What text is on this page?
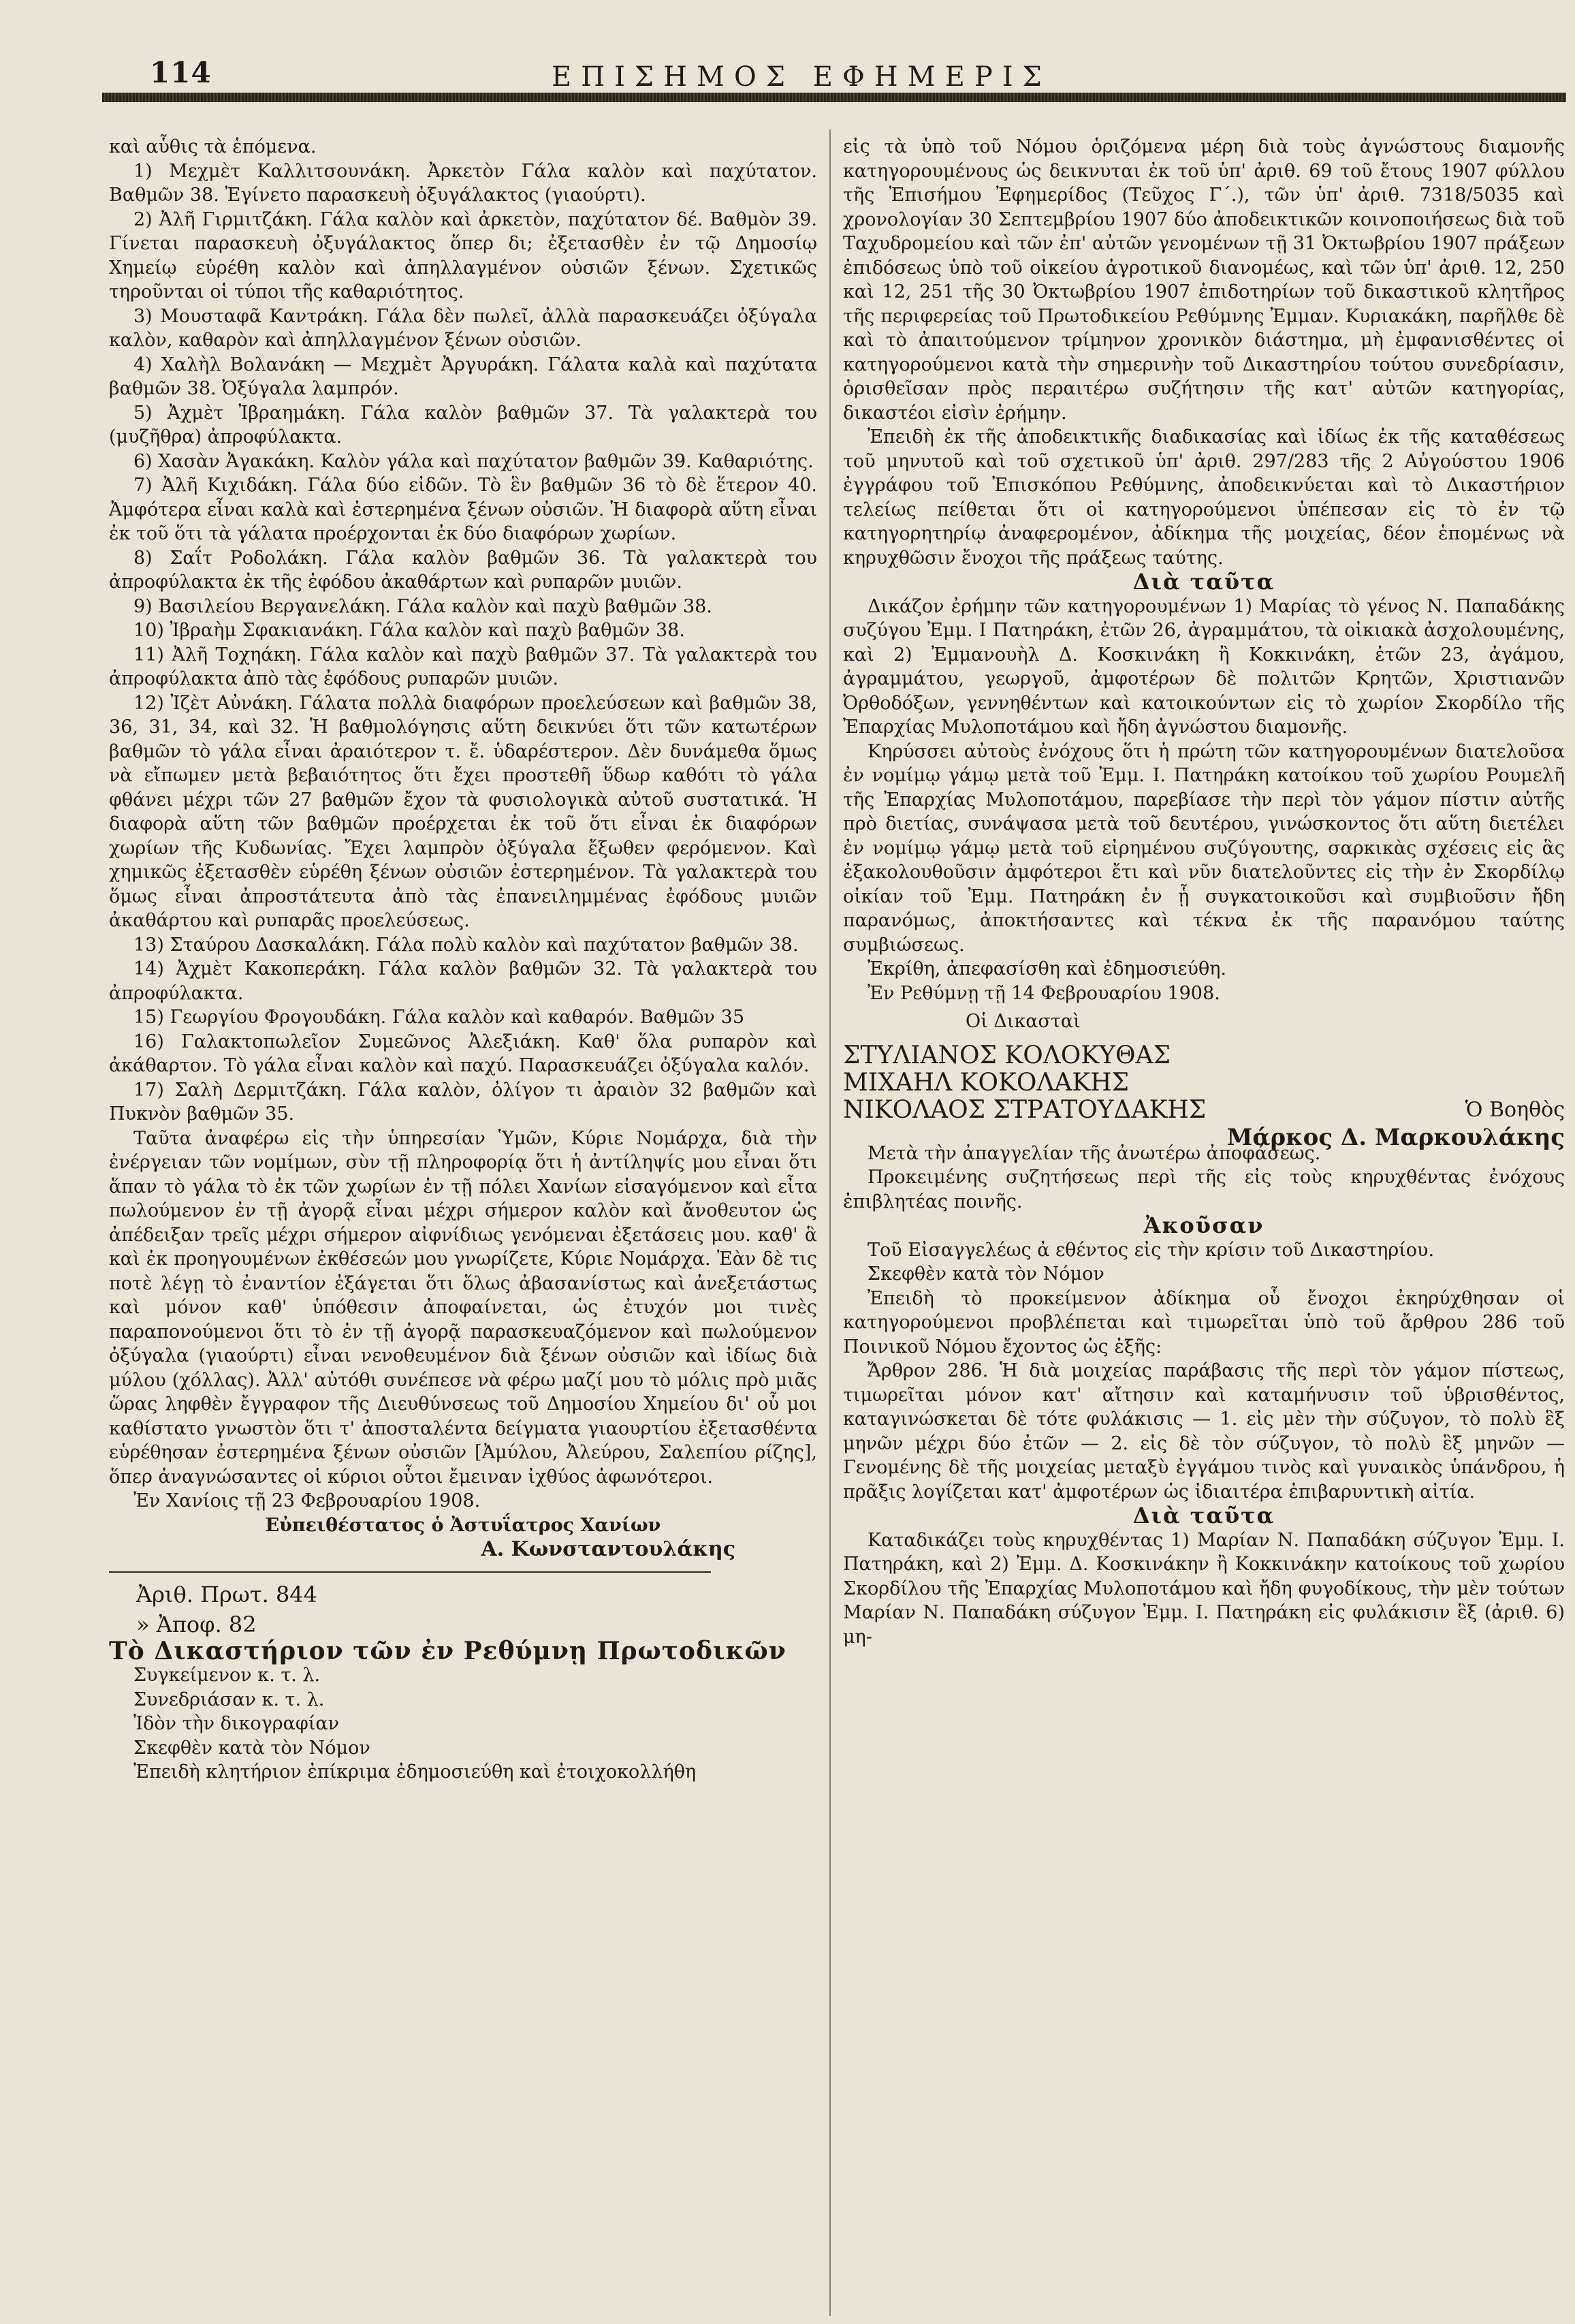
114	ΕΠΙΣΗΜΟΣ ΕΦΗΜΕΡΙΣ

καὶ αὗθις τὰ ἑπόμενα.

1) Μεχμὲτ Καλλιτσουνάκη. Ἀρκετὸν Γάλα καλὸν καὶ παχύτατον. Βαθμῶν 38. Ἐγίνετο παρασκευὴ ὀξυγάλακτος (γιαούρτι).

2) Ἀλῆ Γιρμιτζάκη. Γάλα καλὸν καὶ ἀρκετὸν, παχύτατον δέ. Βαθμὸν 39. Γίνεται παρασκευὴ ὀξυγάλακτος ὅπερ δι; ἐξετασθὲν ἐν τῷ Δημοσίῳ Χημείῳ εὑρέθη καλὸν καὶ ἀπηλλαγμένον οὐσιῶν ξένων. Σχετικῶς τηροῦνται οἱ τύποι τῆς καθαριότητος.

3) Μουσταφᾶ Καντράκη. Γάλα δὲν πωλεῖ, ἀλλὰ παρασκευάζει ὀξύγαλα καλὸν, καθαρὸν καὶ ἀπηλλαγμένον ξένων οὐσιῶν.

4) Χαλὴλ Βολανάκη — Μεχμὲτ Ἀργυράκη. Γάλατα καλὰ καὶ παχύτατα βαθμῶν 38. Ὀξύγαλα λαμπρόν.

5) Ἀχμὲτ Ἰβραημάκη. Γάλα καλὸν βαθμῶν 37. Τὰ γαλακτερὰ του (μυζῆθρα) ἀπροφύλακτα.

6) Χασὰν Ἀγακάκη. Καλὸν γάλα καὶ παχύτατον βαθμῶν 39. Καθαριότης.

7) Ἀλῆ Κιχιδάκη. Γάλα δύο εἰδῶν. Τὸ ἓν βαθμῶν 36 τὸ δὲ ἕτερον 40. Ἀμφότερα εἶναι καλὰ καὶ ἐστερημένα ξένων οὐσιῶν. Ἡ διαφορὰ αὕτη εἶναι ἐκ τοῦ ὅτι τὰ γάλατα προέρχονται ἐκ δύο διαφόρων χωρίων.

8) Σαΐτ Ροδολάκη. Γάλα καλὸν βαθμῶν 36. Τὰ γαλακτερὰ του ἀπροφύλακτα ἐκ τῆς ἐφόδου ἀκαθάρτων καὶ ρυπαρῶν μυιῶν.

9) Βασιλείου Βεργανελάκη. Γάλα καλὸν καὶ παχὺ βαθμῶν 38.

10) Ἰβραὴμ Σφακιανάκη. Γάλα καλὸν καὶ παχὺ βαθμῶν 38.

11) Ἀλῆ Τοχηάκη. Γάλα καλὸν καὶ παχὺ βαθμῶν 37. Τὰ γαλακτερὰ του ἀπροφύλακτα ἀπὸ τὰς ἐφόδους ρυπαρῶν μυιῶν.

12) Ἰζὲτ Αὐνάκη. Γάλατα πολλὰ διαφόρων προελεύσεων καὶ βαθμῶν 38, 36, 31, 34, καὶ 32. Ἡ βαθμολόγησις αὕτη δεικνύει ὅτι τῶν κατωτέρων βαθμῶν τὸ γάλα εἶναι ἀραιότερον τ. ἔ. ὑδαρέστερον. Δὲν δυνάμεθα ὅμως νὰ εἴπωμεν μετὰ βεβαιότητος ὅτι ἔχει προστεθῆ ὕδωρ καθότι τὸ γάλα φθάνει μέχρι τῶν 27 βαθμῶν ἔχον τὰ φυσιολογικὰ αὐτοῦ συστατικά. Ἡ διαφορὰ αὕτη τῶν βαθμῶν προέρχεται ἐκ τοῦ ὅτι εἶναι ἐκ διαφόρων χωρίων τῆς Κυδωνίας. Ἔχει λαμπρὸν ὀξύγαλα ἔξωθεν φερόμενον. Καὶ χημικῶς ἐξετασθὲν εὑρέθη ξένων οὐσιῶν ἐστερημένον. Τὰ γαλακτερὰ του ὅμως εἶναι ἀπροστάτευτα ἀπὸ τὰς ἐπανειλημμένας ἐφόδους μυιῶν ἀκαθάρτου καὶ ρυπαρᾶς προελεύσεως.

13) Σταύρου Δασκαλάκη. Γάλα πολὺ καλὸν καὶ παχύτατον βαθμῶν 38.

14) Ἀχμὲτ Κακοπεράκη. Γάλα καλὸν βαθμῶν 32. Τὰ γαλακτερὰ του ἀπροφύλακτα.

15) Γεωργίου Φρογουδάκη. Γάλα καλὸν καὶ καθαρόν. Βαθμῶν 35

16) Γαλακτοπωλεῖον Συμεῶνος Ἀλεξιάκη. Καθ' ὅλα ρυπαρὸν καὶ ἀκάθαρτον. Τὸ γάλα εἶναι καλὸν καὶ παχύ. Παρασκευάζει ὀξύγαλα καλόν.

17) Σαλὴ Δερμιτζάκη. Γάλα καλὸν, ὀλίγον τι ἀραιὸν 32 βαθμῶν καὶ Πυκνὸν βαθμῶν 35.

Ταῦτα ἀναφέρω εἰς τὴν ὑπηρεσίαν Ὑμῶν, Κύριε Νομάρχα, διὰ τὴν ἐνέργειαν τῶν νομίμων, σὺν τῇ πληροφορίᾳ ὅτι ἡ ἀντίληψίς μου εἶναι ὅτι ἅπαν τὸ γάλα τὸ ἐκ τῶν χωρίων ἐν τῇ πόλει Χανίων εἰσαγόμενον καὶ εἶτα πωλούμενον ἐν τῇ ἀγορᾷ εἶναι μέχρι σήμερον καλὸν καὶ ἄνοθευτον ὡς ἀπέδειξαν τρεῖς μέχρι σήμερον αἰφνίδιως γενόμεναι ἐξετάσεις μου. καθ' ἃ καὶ ἐκ προηγουμένων ἐκθέσεών μου γνωρίζετε, Κύριε Νομάρχα. Ἐὰν δὲ τις ποτὲ λέγῃ τὸ ἐναντίον ἐξάγεται ὅτι ὅλως ἀβασανίστως καὶ ἀνεξετάστως καὶ μόνον καθ' ὑπόθεσιν ἀποφαίνεται, ὡς ἐτυχόν μοι τινὲς παραπονούμενοι ὅτι τὸ ἐν τῇ ἀγορᾷ παρασκευαζόμενον καὶ πωλούμενον ὀξύγαλα (γιαούρτι) εἶναι νενοθευμένον διὰ ξένων οὐσιῶν καὶ ἰδίως διὰ μύλου (χόλλας). Ἀλλ' αὐτόθι συνέπεσε νὰ φέρω μαζί μου τὸ μόλις πρὸ μιᾶς ὥρας ληφθὲν ἔγγραφον τῆς Διευθύνσεως τοῦ Δημοσίου Χημείου δι' οὗ μοι καθίστατο γνωστὸν ὅτι τ' ἀποσταλέντα δείγματα γιαουρτίου ἐξετασθέντα εὑρέθησαν ἐστερημένα ξένων οὐσιῶν [Ἀμύλου, Ἀλεύρου, Σαλεπίου ρίζης], ὅπερ ἀναγνώσαντες οἱ κύριοι οὗτοι ἔμειναν ἰχθύος ἀφωνότεροι.

Ἐν Χανίοις τῇ 23 Φεβρουαρίου 1908.

Εὐπειθέστατος ὁ Ἀστυΐατρος Χανίων

Α. Κωνσταντουλάκης

Ἀριθ. Πρωτ. 844

» Ἀποφ. 82

Τὸ Δικαστήριον τῶν ἐν Ρεθύμνῃ Πρωτοδικῶν

Συγκείμενον κ. τ. λ.

Συνεδριάσαν κ. τ. λ.

Ἰδὸν τὴν δικογραφίαν

Σκεφθὲν κατὰ τὸν Νόμον

Ἐπειδὴ κλητήριον ἐπίκριμα ἐδημοσιεύθη καὶ ἐτοιχοκολλήθη

εἰς τὰ ὑπὸ τοῦ Νόμου ὁριζόμενα μέρη διὰ τοὺς ἀγνώστους διαμονῆς κατηγορουμένους ὡς δεικνυται ἐκ τοῦ ὑπ' ἀριθ. 69 τοῦ ἔτους 1907 φύλλου τῆς Ἐπισήμου Ἐφημερίδος (Τεῦχος Γ΄.), τῶν ὑπ' ἀριθ. 7318/5035 καὶ χρονολογίαν 30 Σεπτεμβρίου 1907 δύο ἀποδεικτικῶν κοινοποιήσεως διὰ τοῦ Ταχυδρομείου καὶ τῶν ἐπ' αὐτῶν γενομένων τῇ 31 Ὀκτωβρίου 1907 πράξεων ἐπιδόσεως ὑπὸ τοῦ οἰκείου ἀγροτικοῦ διανομέως, καὶ τῶν ὑπ' ἀριθ. 12, 250 καὶ 12, 251 τῆς 30 Ὀκτωβρίου 1907 ἐπιδοτηρίων τοῦ δικαστικοῦ κλητῆρος τῆς περιφερείας τοῦ Πρωτοδικείου Ρεθύμνης Ἐμμαν. Κυριακάκη, παρῆλθε δὲ καὶ τὸ ἀπαιτούμενον τρίμηνον χρονικὸν διάστημα, μὴ ἐμφανισθέντες οἱ κατηγορούμενοι κατὰ τὴν σημερινὴν τοῦ Δικαστηρίου τούτου συνεδρίασιν, ὁρισθεῖσαν πρὸς περαιτέρω συζήτησιν τῆς κατ' αὐτῶν κατηγορίας, δικαστέοι εἰσὶν ἐρήμην.

Ἐπειδὴ ἐκ τῆς ἀποδεικτικῆς διαδικασίας καὶ ἰδίως ἐκ τῆς καταθέσεως τοῦ μηνυτοῦ καὶ τοῦ σχετικοῦ ὑπ' ἀριθ. 297/283 τῆς 2 Αὐγούστου 1906 ἐγγράφου τοῦ Ἐπισκόπου Ρεθύμνης, ἀποδεικνύεται καὶ τὸ Δικαστήριον τελείως πείθεται ὅτι οἱ κατηγορούμενοι ὑπέπεσαν εἰς τὸ ἐν τῷ κατηγορητηρίῳ ἀναφερομένον, ἀδίκημα τῆς μοιχείας, δέον ἑπομένως νὰ κηρυχθῶσιν ἔνοχοι τῆς πράξεως ταύτης.

Διὰ ταῦτα

Δικάζον ἐρήμην τῶν κατηγορουμένων 1) Μαρίας τὸ γένος Ν. Παπαδάκης συζύγου Ἐμμ. Ι Πατηράκη, ἐτῶν 26, ἀγραμμάτου, τὰ οἰκιακὰ ἀσχολουμένης, καὶ 2) Ἐμμανουὴλ Δ. Κοσκινάκη ἢ Κοκκινάκη, ἐτῶν 23, ἀγάμου, ἀγραμμάτου, γεωργοῦ, ἀμφοτέρων δὲ πολιτῶν Κρητῶν, Χριστιανῶν Ὀρθοδόξων, γεννηθέντων καὶ κατοικούντων εἰς τὸ χωρίον Σκορδίλο τῆς Ἐπαρχίας Μυλοποτάμου καὶ ἤδη ἀγνώστου διαμονῆς.

Κηρύσσει αὐτοὺς ἐνόχους ὅτι ἡ πρώτη τῶν κατηγορουμένων διατελοῦσα ἐν νομίμῳ γάμῳ μετὰ τοῦ Ἐμμ. Ι. Πατηράκη κατοίκου τοῦ χωρίου Ρουμελῆ τῆς Ἐπαρχίας Μυλοποτάμου, παρεβίασε τὴν περὶ τὸν γάμον πίστιν αὐτῆς πρὸ διετίας, συνάψασα μετὰ τοῦ δευτέρου, γινώσκοντος ὅτι αὕτη διετέλει ἐν νομίμῳ γάμῳ μετὰ τοῦ εἰρημένου συζύγουτης, σαρκικὰς σχέσεις εἰς ἃς ἐξακολουθοῦσιν ἀμφότεροι ἔτι καὶ νῦν διατελοῦντες εἰς τὴν ἐν Σκορδίλῳ οἰκίαν τοῦ Ἐμμ. Πατηράκη ἐν ᾗ συγκατοικοῦσι καὶ συμβιοῦσιν ἤδη παρανόμως, ἀποκτήσαντες καὶ τέκνα ἐκ τῆς παρανόμου ταύτης συμβιώσεως.

Ἐκρίθη, ἀπεφασίσθη καὶ ἐδημοσιεύθη.

Ἐν Ρεθύμνῃ τῇ 14 Φεβρουαρίου 1908.

Οἱ Δικασταὶ

ΣΤΥΛΙΑΝΟΣ ΚΟΛΟΚΥΘΑΣ
ΜΙΧΑΗΛ ΚΟΚΟΛΑΚΗΣ
ΝΙΚΟΛΑΟΣ ΣΤΡΑΤΟΥΔΑΚΗΣ	Ὁ Βοηθὸς
Μάρκος Δ. Μαρκουλάκης

Μετὰ τὴν ἀπαγγελίαν τῆς ἀνωτέρω ἀποφάσεως.

Προκειμένης συζητήσεως περὶ τῆς εἰς τοὺς κηρυχθέντας ἐνόχους ἐπιβλητέας ποινῆς.

Ἀκοῦσαν

Τοῦ Εἰσαγγελέως ἀ εθέντος εἰς τὴν κρίσιν τοῦ Δικαστηρίου.

Σκεφθὲν κατὰ τὸν Νόμον

Ἐπειδὴ τὸ προκείμενον ἀδίκημα οὗ ἔνοχοι ἐκηρύχθησαν οἱ κατηγορούμενοι προβλέπεται καὶ τιμωρεῖται ὑπὸ τοῦ ἄρθρου 286 τοῦ Ποινικοῦ Νόμου ἔχοντος ὡς ἑξῆς:

Ἄρθρον 286. Ἡ διὰ μοιχείας παράβασις τῆς περὶ τὸν γάμον πίστεως, τιμωρεῖται μόνον κατ' αἴτησιν καὶ καταμήνυσιν τοῦ ὑβρισθέντος, καταγινώσκεται δὲ τότε φυλάκισις — 1. εἰς μὲν τὴν σύζυγον, τὸ πολὺ ἓξ μηνῶν μέχρι δύο ἐτῶν — 2. εἰς δὲ τὸν σύζυγον, τὸ πολὺ ἓξ μηνῶν — Γενομένης δὲ τῆς μοιχείας μεταξὺ ἐγγάμου τινὸς καὶ γυναικὸς ὑπάνδρου, ἡ πρᾶξις λογίζεται κατ' ἀμφοτέρων ὡς ἰδιαιτέρα ἐπιβαρυντικὴ αἰτία.

Διὰ ταῦτα

Καταδικάζει τοὺς κηρυχθέντας 1) Μαρίαν Ν. Παπαδάκη σύζυγον Ἐμμ. Ι. Πατηράκη, καὶ 2) Ἐμμ. Δ. Κοσκινάκην ἢ Κοκκινάκην κατοίκους τοῦ χωρίου Σκορδίλου τῆς Ἐπαρχίας Μυλοποτάμου καὶ ἤδη φυγοδίκους, τὴν μὲν τούτων Μαρίαν Ν. Παπαδάκη σύζυγον Ἐμμ. Ι. Πατηράκη εἰς φυλάκισιν ἓξ (ἀριθ. 6) μη-
